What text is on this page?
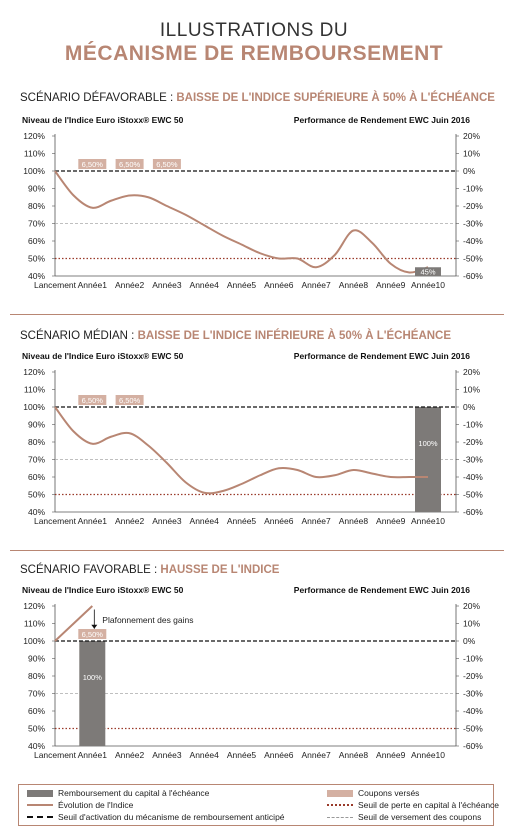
ILLUSTRATIONS DU
MÉCANISME DE REMBOURSEMENT
SCÉNARIO DÉFAVORABLE : BAISSE DE L'INDICE SUPÉRIEURE À 50% À L'ÉCHÉANCE
Niveau de l'Indice Euro iStoxx® EWC 50	Performance de Rendement EWC Juin 2016
120%
110%
100%
90%
80%
70%
60%
50%
40%
20%
10%
0%
-10%
-20%
-30%
-40%
-50%
-60%
Lancement Année1 Année2 Année3 Année4 Année5 Année6 Année7 Année8 Année9 Année10
6,50% 6,50% 6,50%
45%
SCÉNARIO MÉDIAN : BAISSE DE L'INDICE INFÉRIEURE À 50% À L'ÉCHÉANCE
Niveau de l'Indice Euro iStoxx® EWC 50	Performance de Rendement EWC Juin 2016
120%
110%
100%
90%
80%
70%
60%
50%
40%
20%
10%
0%
-10%
-20%
-30%
-40%
-50%
-60%
Lancement Année1 Année2 Année3 Année4 Année5 Année6 Année7 Année8 Année9 Année10
100%
6,50% 6,50%
SCÉNARIO FAVORABLE : HAUSSE DE L'INDICE
Niveau de l'Indice Euro iStoxx® EWC 50	Performance de Rendement EWC Juin 2016
120%
110%
100%
90%
80%
70%
60%
50%
40%
20%
10%
0%
-10%
-20%
-30%
-40%
-50%
-60%
Lancement Année1 Année2 Année3 Année4 Année5 Année6 Année7 Année8 Année9 Année10
100%
6,50%
Plafonnement des gains
Remboursement du capital à l'échéance	Coupons versés
Évolution de l'Indice	Seuil de perte en capital à l'échéance
Seuil d'activation du mécanisme de remboursement anticipé	Seuil de versement des coupons
